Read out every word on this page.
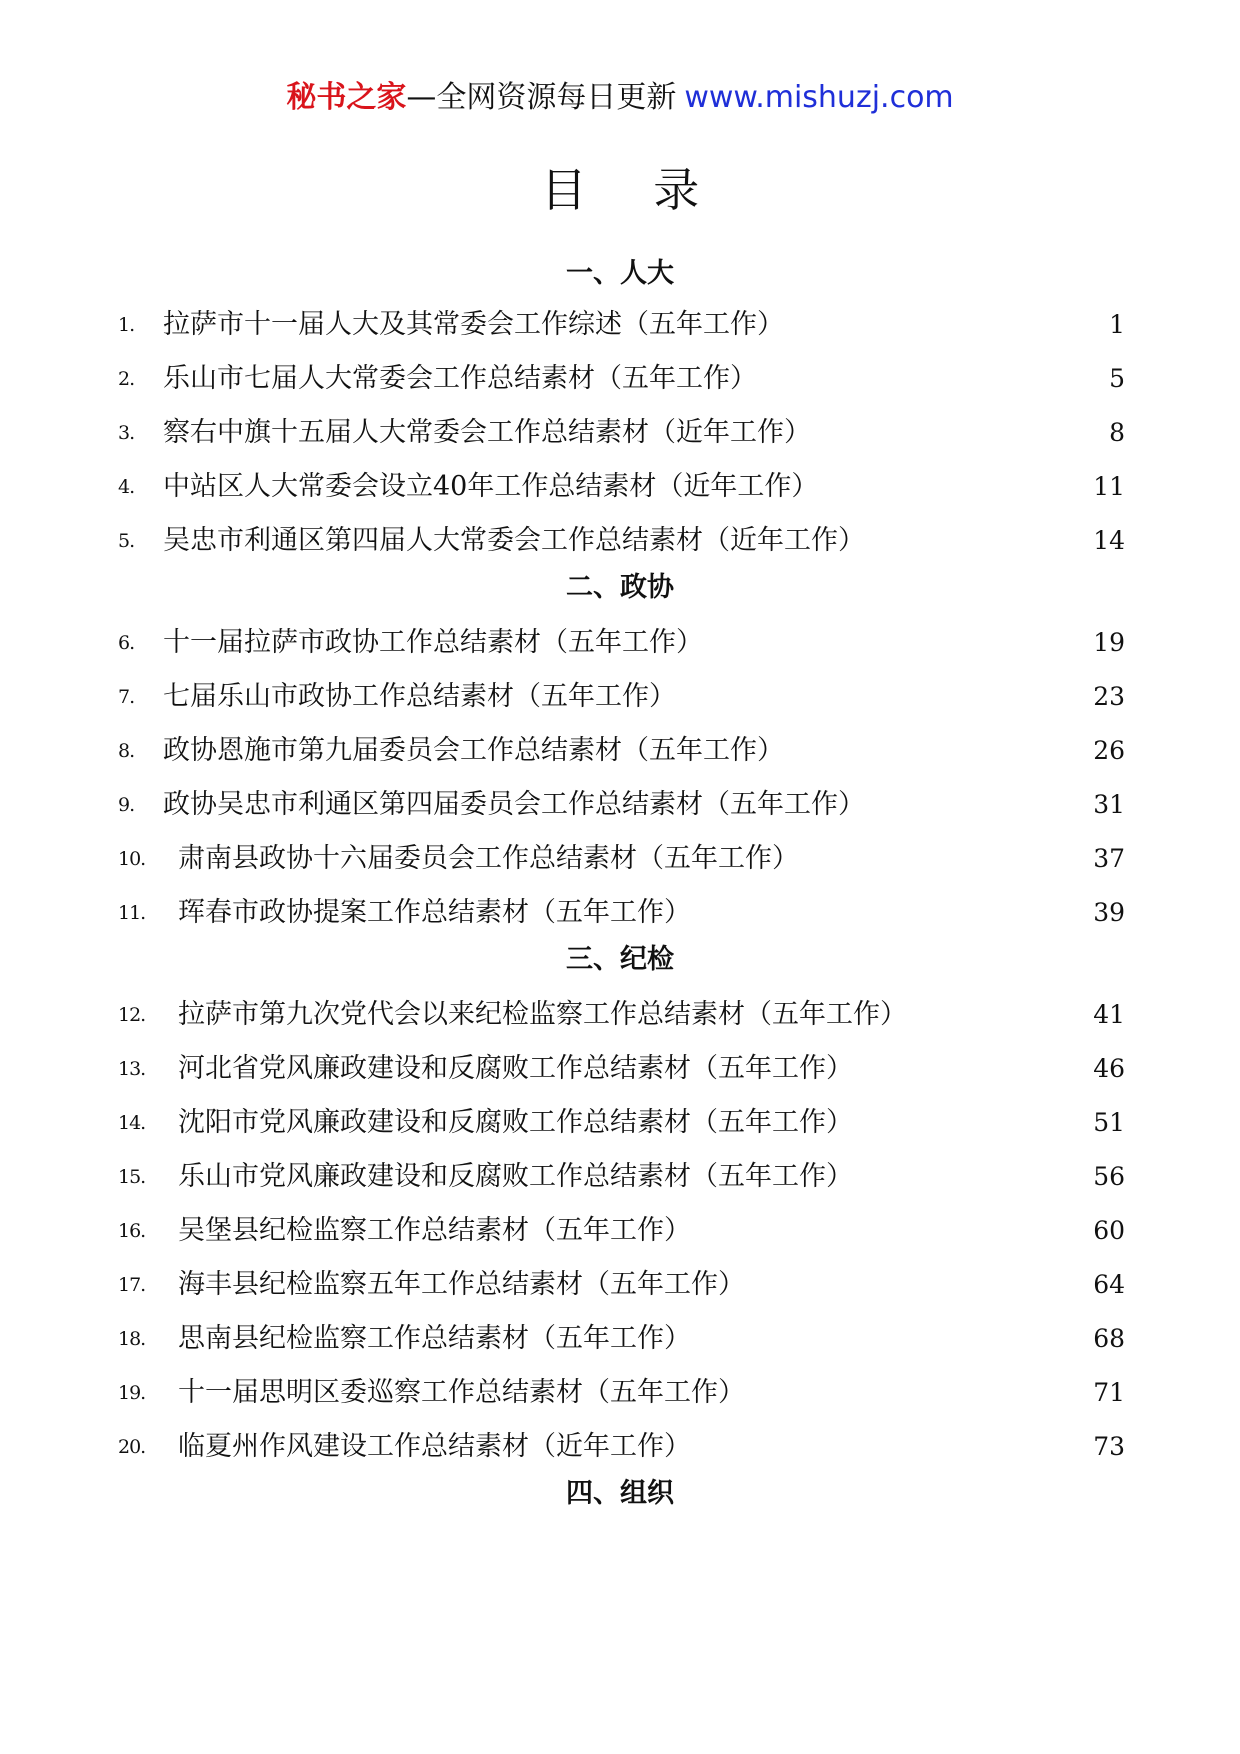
秘书之家—全网资源每日更新 www.mishuzj.com
目 录
一、人大
1. 拉萨市十一届人大及其常委会工作综述（五年工作）	1
2. 乐山市七届人大常委会工作总结素材（五年工作）	5
3. 察右中旗十五届人大常委会工作总结素材（近年工作）	8
4. 中站区人大常委会设立40年工作总结素材（近年工作）	11
5. 吴忠市利通区第四届人大常委会工作总结素材（近年工作）	14
二、政协
6. 十一届拉萨市政协工作总结素材（五年工作）	19
7. 七届乐山市政协工作总结素材（五年工作）	23
8. 政协恩施市第九届委员会工作总结素材（五年工作）	26
9. 政协吴忠市利通区第四届委员会工作总结素材（五年工作）	31
10. 肃南县政协十六届委员会工作总结素材（五年工作）	37
11. 珲春市政协提案工作总结素材（五年工作）	39
三、纪检
12. 拉萨市第九次党代会以来纪检监察工作总结素材（五年工作）	41
13. 河北省党风廉政建设和反腐败工作总结素材（五年工作）	46
14. 沈阳市党风廉政建设和反腐败工作总结素材（五年工作）	51
15. 乐山市党风廉政建设和反腐败工作总结素材（五年工作）	56
16. 吴堡县纪检监察工作总结素材（五年工作）	60
17. 海丰县纪检监察五年工作总结素材（五年工作）	64
18. 思南县纪检监察工作总结素材（五年工作）	68
19. 十一届思明区委巡察工作总结素材（五年工作）	71
20. 临夏州作风建设工作总结素材（近年工作）	73
四、组织
